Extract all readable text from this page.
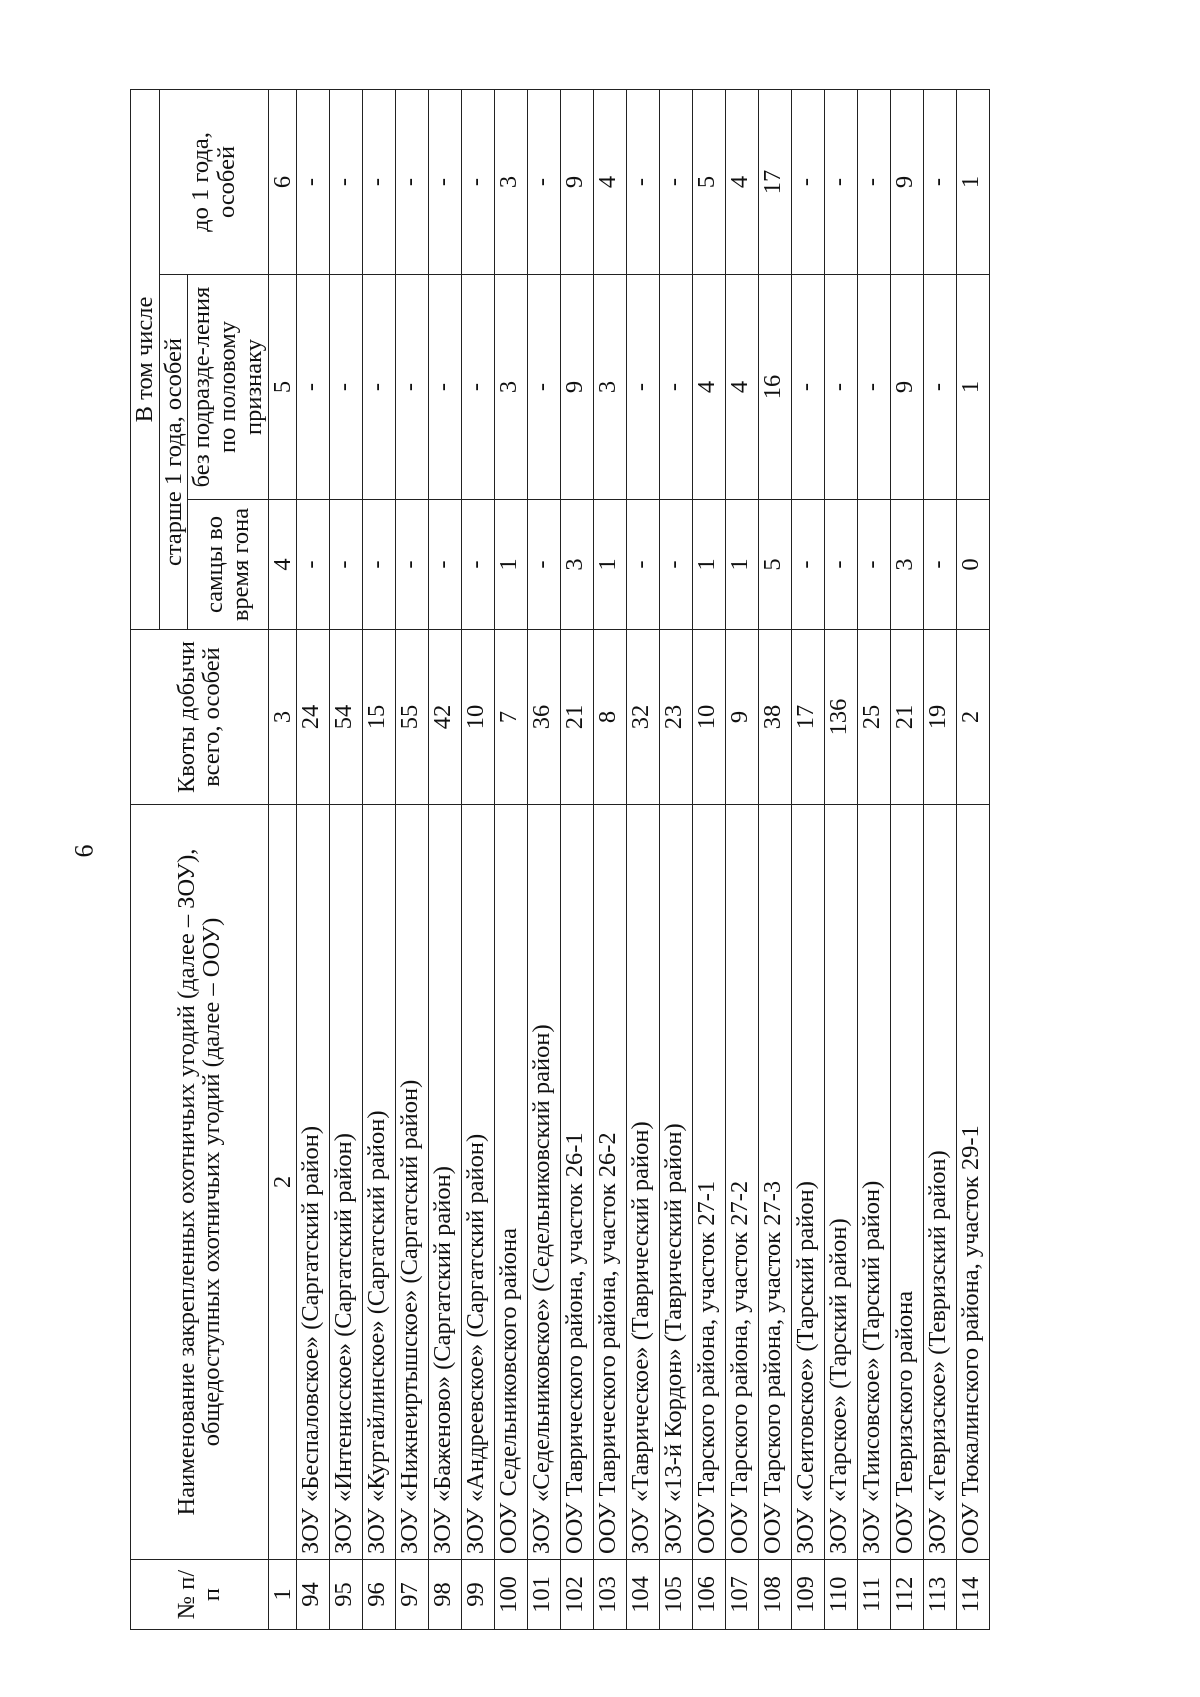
6
№ п/п	Наименование закрепленных охотничьих угодий (далее – ЗОУ), общедоступных охотничьих угодий (далее – ООУ)	Квоты добычи всего, особей	В том числе		
			старше 1 года, особей		до 1 года, особей
			самцы во время гона	без подразде-ления по половому признаку	
1	2	3	4	5	6
94	ЗОУ «Беспаловское» (Саргатский район)	24	-	-	-
95	ЗОУ «Интенисское» (Саргатский район)	54	-	-	-
96	ЗОУ «Куртайлинское» (Саргатский район)	15	-	-	-
97	ЗОУ «Нижнеиртышское» (Саргатский район)	55	-	-	-
98	ЗОУ «Баженово» (Саргатский район)	42	-	-	-
99	ЗОУ «Андреевское» (Саргатский район)	10	-	-	-
100	ООУ Седельниковского района	7	1	3	3
101	ЗОУ «Седельниковское» (Седельниковский район)	36	-	-	-
102	ООУ Таврического района, участок 26-1	21	3	9	9
103	ООУ Таврического района, участок 26-2	8	1	3	4
104	ЗОУ «Таврическое» (Таврический район)	32	-	-	-
105	ЗОУ «13-й Кордон» (Таврический район)	23	-	-	-
106	ООУ Тарского района, участок 27-1	10	1	4	5
107	ООУ Тарского района, участок 27-2	9	1	4	4
108	ООУ Тарского района, участок 27-3	38	5	16	17
109	ЗОУ «Сеитовское» (Тарский район)	17	-	-	-
110	ЗОУ «Тарское» (Тарский район)	136	-	-	-
111	ЗОУ «Тиисовское» (Тарский район)	25	-	-	-
112	ООУ Тевризского района	21	3	9	9
113	ЗОУ «Тевризское» (Тевризский район)	19	-	-	-
114	ООУ Тюкалинского района, участок 29-1	2	0	1	1
